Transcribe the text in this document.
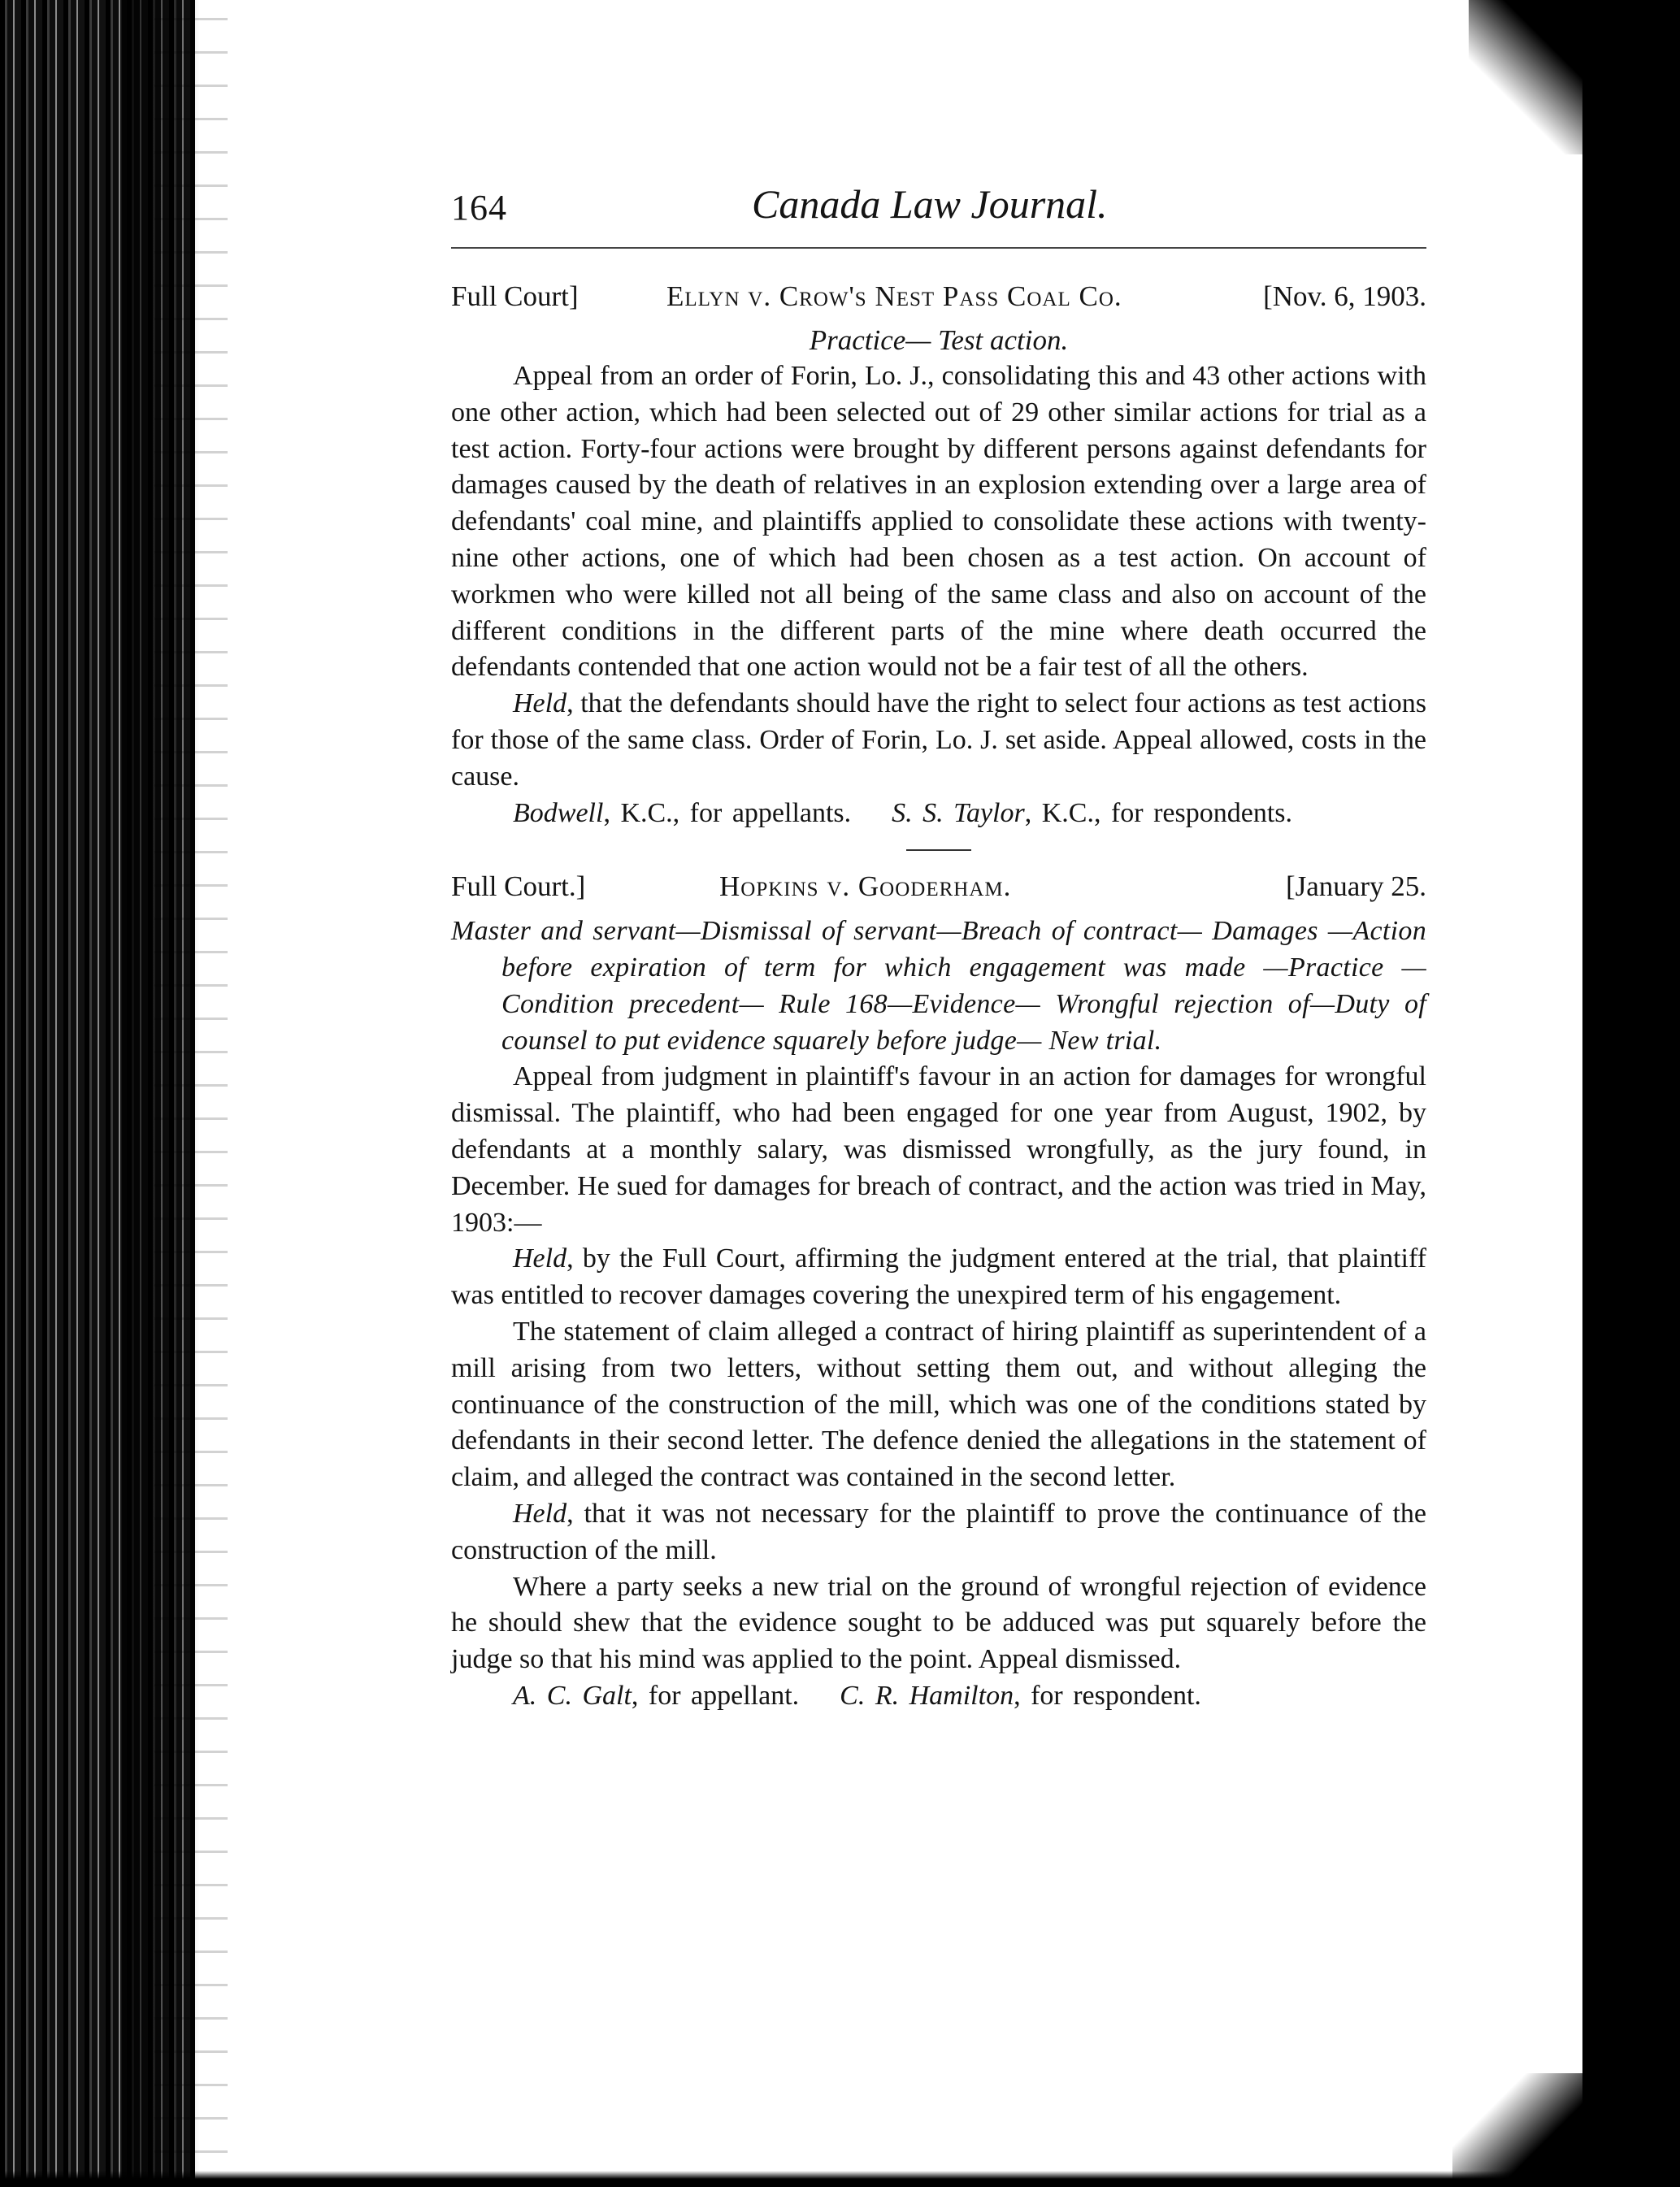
164	Canada Law Journal.
Full Court]	Ellyn v. Crow's Nest Pass Coal Co.	[Nov. 6, 1903.
Practice— Test action.

Appeal from an order of Forin, Lo. J., consolidating this and 43 other actions with one other action, which had been selected out of 29 other similar actions for trial as a test action. Forty-four actions were brought by different persons against defendants for damages caused by the death of relatives in an explosion extending over a large area of defendants' coal mine, and plaintiffs applied to consolidate these actions with twenty-nine other actions, one of which had been chosen as a test action. On account of workmen who were killed not all being of the same class and also on account of the different conditions in the different parts of the mine where death occurred the defendants contended that one action would not be a fair test of all the others.

Held, that the defendants should have the right to select four actions as test actions for those of the same class. Order of Forin, Lo. J. set aside. Appeal allowed, costs in the cause.

Bodwell, K.C., for appellants. S. S. Taylor, K.C., for respondents.

Full Court.]	Hopkins v. Gooderham.	[January 25.

Master and servant—Dismissal of servant—Breach of contract— Damages —Action before expiration of term for which engagement was made —Practice — Condition precedent— Rule 168—Evidence— Wrongful rejection of—Duty of counsel to put evidence squarely before judge— New trial.

Appeal from judgment in plaintiff's favour in an action for damages for wrongful dismissal. The plaintiff, who had been engaged for one year from August, 1902, by defendants at a monthly salary, was dismissed wrongfully, as the jury found, in December. He sued for damages for breach of contract, and the action was tried in May, 1903:—

Held, by the Full Court, affirming the judgment entered at the trial, that plaintiff was entitled to recover damages covering the unexpired term of his engagement.

The statement of claim alleged a contract of hiring plaintiff as superintendent of a mill arising from two letters, without setting them out, and without alleging the continuance of the construction of the mill, which was one of the conditions stated by defendants in their second letter. The defence denied the allegations in the statement of claim, and alleged the contract was contained in the second letter.

Held, that it was not necessary for the plaintiff to prove the continuance of the construction of the mill.

Where a party seeks a new trial on the ground of wrongful rejection of evidence he should shew that the evidence sought to be adduced was put squarely before the judge so that his mind was applied to the point. Appeal dismissed.

A. C. Galt, for appellant. C. R. Hamilton, for respondent.
